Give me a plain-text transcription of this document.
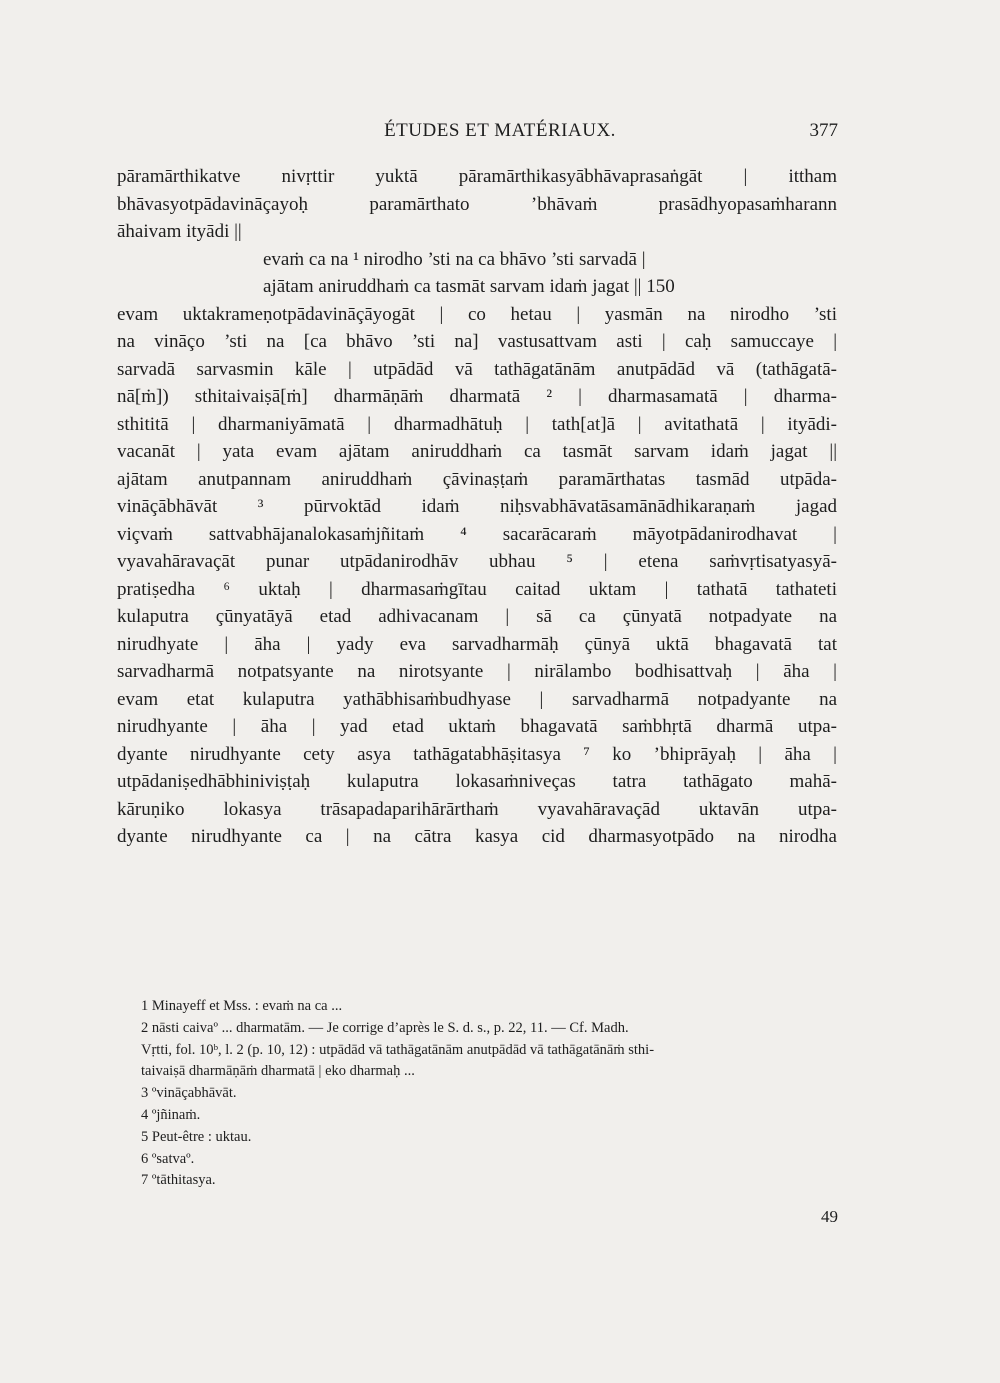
ÉTUDES ET MATÉRIAUX.	377
pāramārthikatve nivṛttir yuktā pāramārthikasyābhāvaprasaṅgāt | ittham
bhāvasyotpādavināçayoḥ paramārthato ’bhāvaṁ prasādhyopasaṁharann
āhaivam ityādi ||
evaṁ ca na ¹ nirodho ’sti na ca bhāvo ’sti sarvadā |
ajātam aniruddhaṁ ca tasmāt sarvam idaṁ jagat || 150
evam uktakrameṇotpādavināçāyogāt | co hetau | yasmān na nirodho ’sti
na vināço ’sti na [ca bhāvo ’sti na] vastusattvam asti | caḥ samuccaye |
sarvadā sarvasmin kāle | utpādād vā tathāgatānām anutpādād vā (tathāgatā-
nā[ṁ]) sthitaivaiṣā[ṁ] dharmāṇāṁ dharmatā ² | dharmasamatā | dharma-
sthititā | dharmaniyāmatā | dharmadhātuḥ | tath[at]ā | avitathatā | ityādi-
vacanāt | yata evam ajātam aniruddhaṁ ca tasmāt sarvam idaṁ jagat ||
ajātam anutpannam aniruddhaṁ çāvinaṣṭaṁ paramārthatas tasmād utpāda-
vināçābhāvāt ³ pūrvoktād idaṁ niḥsvabhāvatāsamānādhikaraṇaṁ jagad
viçvaṁ sattvabhājanalokasaṁjñitaṁ ⁴ sacarācaraṁ māyotpādanirodhavat |
vyavahāravaçāt punar utpādanirodhāv ubhau ⁵ | etena saṁvṛtisatyasyā-
pratiṣedha ⁶ uktaḥ | dharmasaṁgītau caitad uktam | tathatā tathateti
kulaputra çūnyatāyā etad adhivacanam | sā ca çūnyatā notpadyate na
nirudhyate | āha | yady eva sarvadharmāḥ çūnyā uktā bhagavatā tat
sarvadharmā notpatsyante na nirotsyante | nirālambo bodhisattvaḥ | āha |
evam etat kulaputra yathābhisaṁbudhyase | sarvadharmā notpadyante na
nirudhyante | āha | yad etad uktaṁ bhagavatā saṁbhṛtā dharmā utpa-
dyante nirudhyante cety asya tathāgatabhāṣitasya ⁷ ko ’bhiprāyaḥ | āha |
utpādaniṣedhābhiniviṣṭaḥ kulaputra lokasaṁniveças tatra tathāgato mahā-
kāruṇiko lokasya trāsapadaparihārārthaṁ vyavahāravaçād uktavān utpa-
dyante nirudhyante ca | na cātra kasya cid dharmasyotpādo na nirodha
1 Minayeff et Mss. : evaṁ na ca ...
2 nāsti caivaº ... dharmatām. — Je corrige d’après le S. d. s., p. 22, 11. — Cf. Madh.
Vṛtti, fol. 10ᵇ, l. 2 (p. 10, 12) : utpādād vā tathāgatānām anutpādād vā tathāgatānāṁ sthi-
taivaiṣā dharmāṇāṁ dharmatā | eko dharmaḥ ...
3 ºvināçabhāvāt.
4 ºjñinaṁ.
5 Peut-être : uktau.
6 ºsatvaº.
7 ºtāthitasya.
49
